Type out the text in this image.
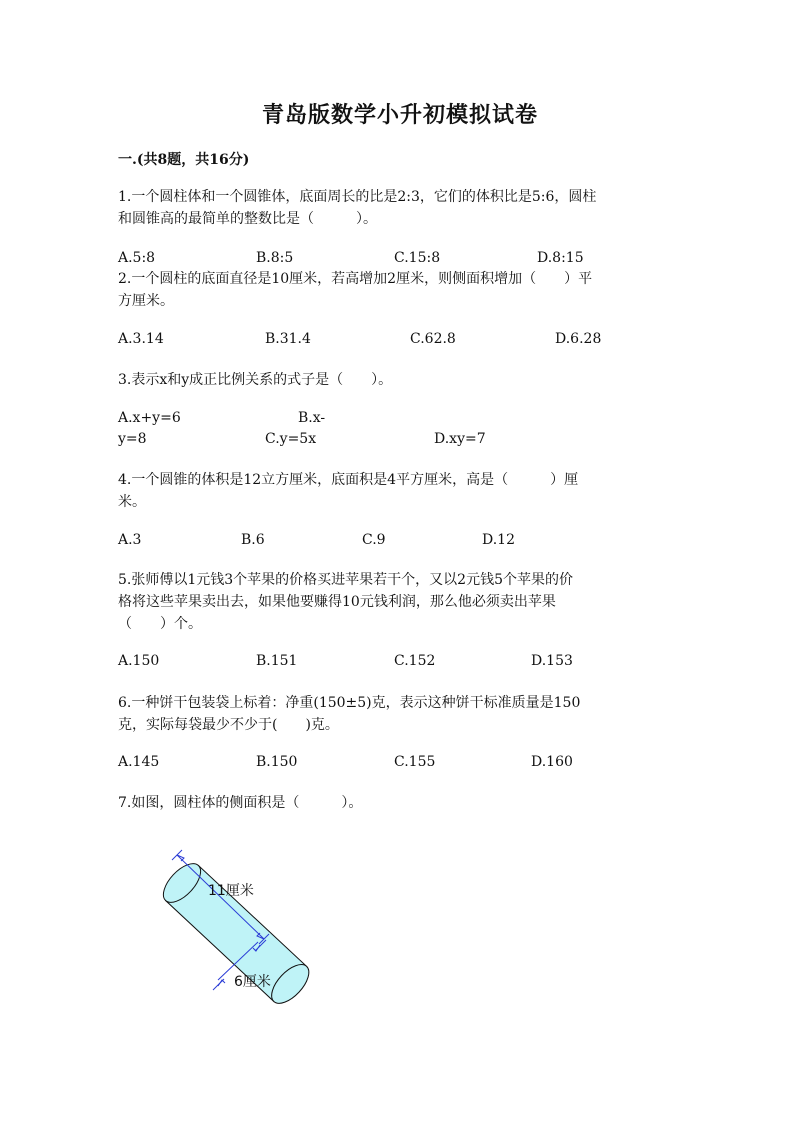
青岛版数学小升初模拟试卷
一.(共8题，共16分)
1.一个圆柱体和一个圆锥体，底面周长的比是2:3，它们的体积比是5:6，圆柱
和圆锥高的最简单的整数比是（　　　）。
A.5:8	B.8:5	C.15:8	D.8:15
2.一个圆柱的底面直径是10厘米，若高增加2厘米，则侧面积增加（　　）平
方厘米。
A.3.14	B.31.4	C.62.8	D.6.28
3.表示x和y成正比例关系的式子是（　　）。
A.x+y=6	B.x-
y=8	C.y=5x	D.xy=7
4.一个圆锥的体积是12立方厘米，底面积是4平方厘米，高是（　　　）厘
米。
A.3	B.6	C.9	D.12
5.张师傅以1元钱3个苹果的价格买进苹果若干个，又以2元钱5个苹果的价
格将这些苹果卖出去，如果他要赚得10元钱利润，那么他必须卖出苹果
（　　）个。
A.150	B.151	C.152	D.153
6.一种饼干包装袋上标着：净重(150±5)克，表示这种饼干标准质量是150
克，实际每袋最少不少于(　　)克。
A.145	B.150	C.155	D.160
7.如图，圆柱体的侧面积是（　　　）。
11厘米
6厘米
